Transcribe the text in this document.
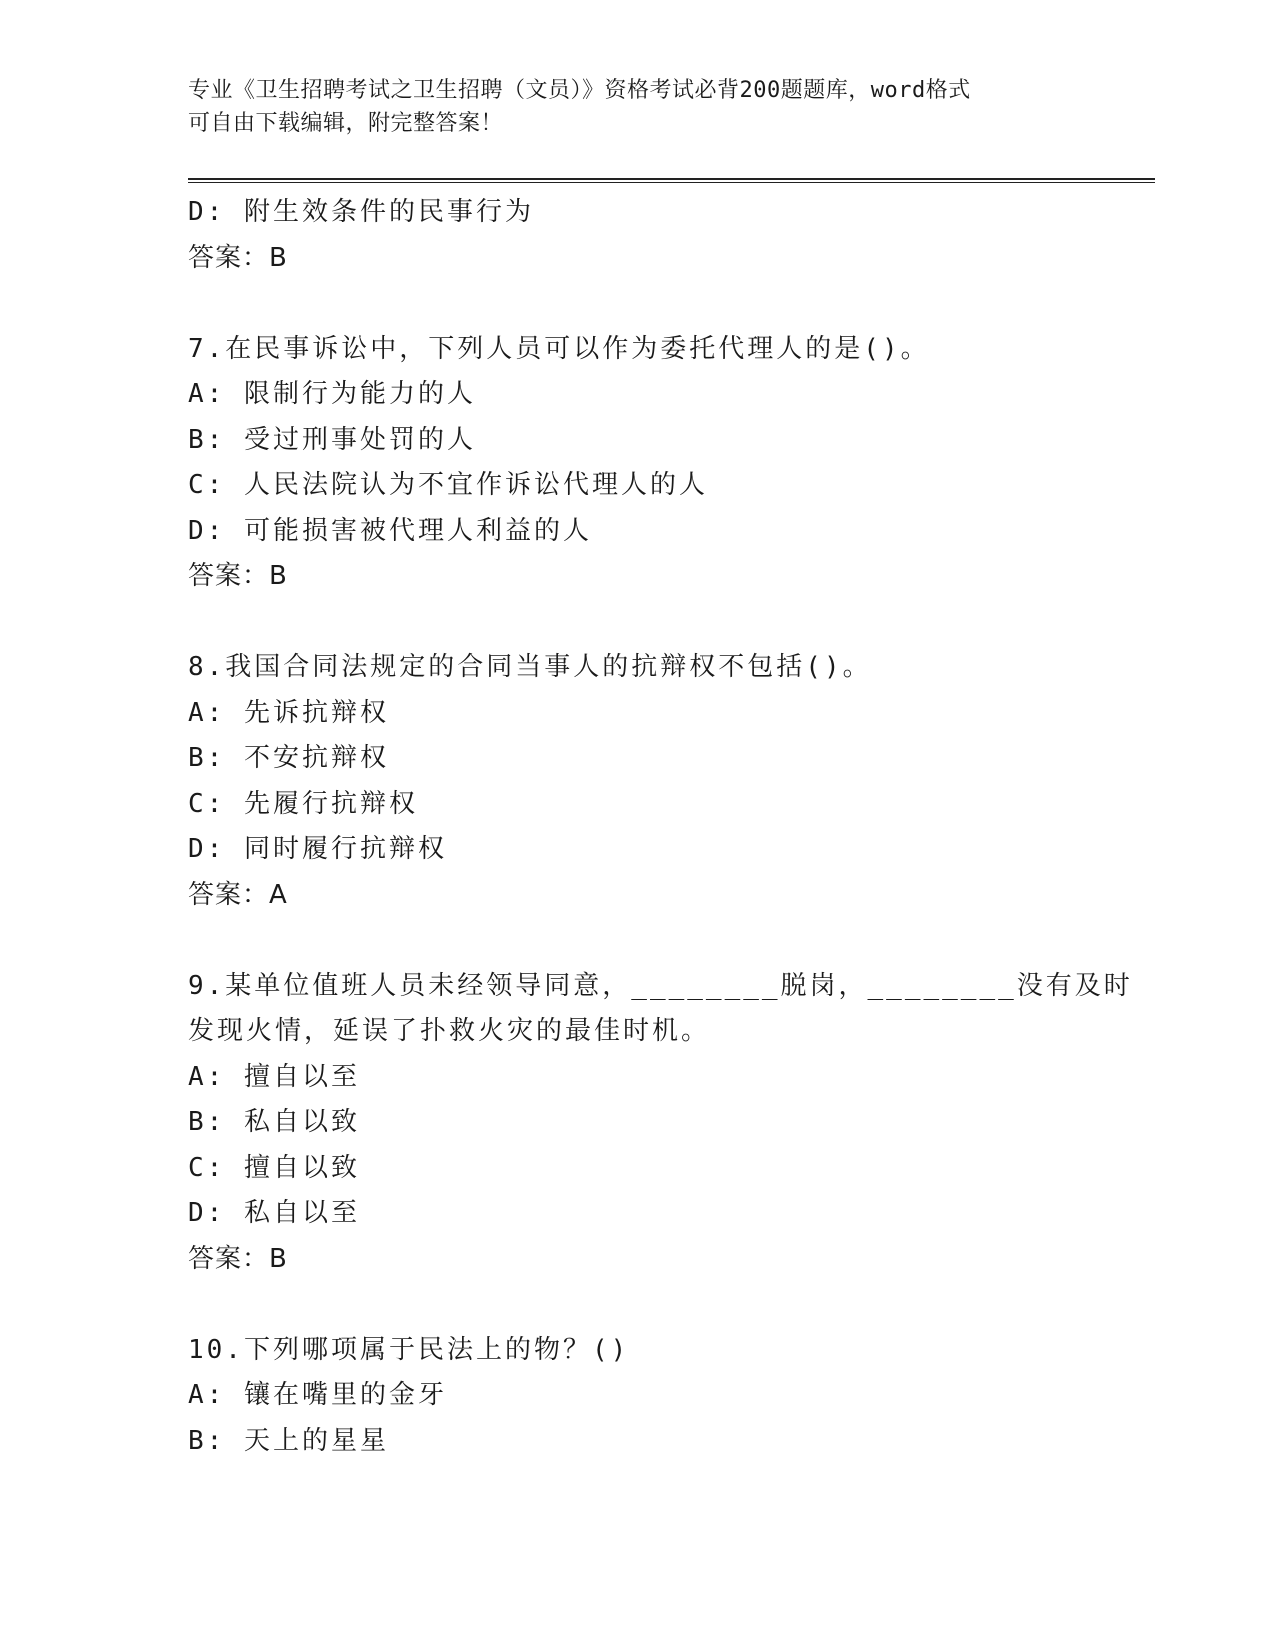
专业《卫生招聘考试之卫生招聘（文员）》资格考试必背200题题库，word格式
可自由下载编辑，附完整答案！
D: 附生效条件的民事行为
答案：B
7.在民事诉讼中，下列人员可以作为委托代理人的是()。
A: 限制行为能力的人
B: 受过刑事处罚的人
C: 人民法院认为不宜作诉讼代理人的人
D: 可能损害被代理人利益的人
答案：B
8.我国合同法规定的合同当事人的抗辩权不包括()。
A: 先诉抗辩权
B: 不安抗辩权
C: 先履行抗辩权
D: 同时履行抗辩权
答案：A
9.某单位值班人员未经领导同意，________脱岗，________没有及时
发现火情，延误了扑救火灾的最佳时机。
A: 擅自以至
B: 私自以致
C: 擅自以致
D: 私自以至
答案：B
10.下列哪项属于民法上的物？()
A: 镶在嘴里的金牙
B: 天上的星星
